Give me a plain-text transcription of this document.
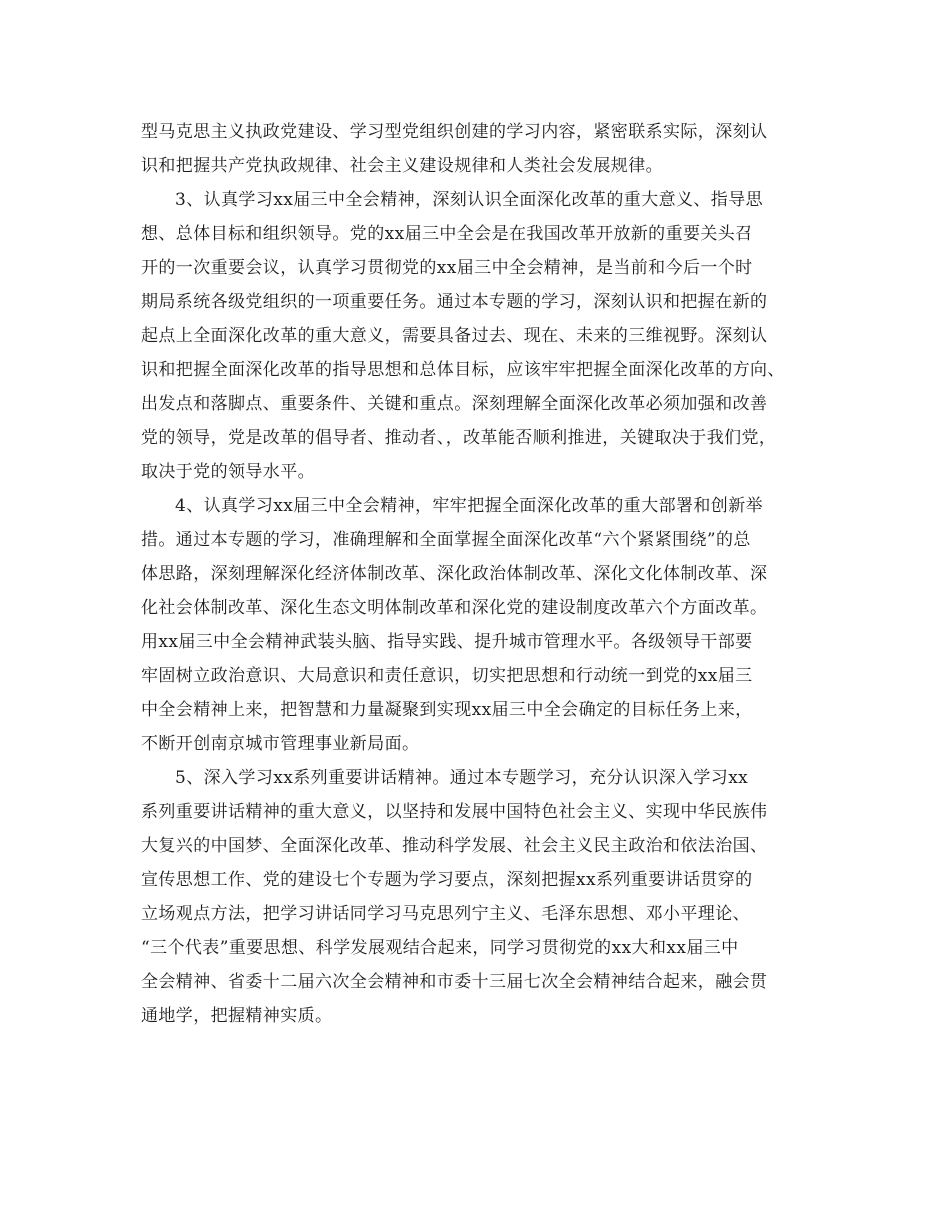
型马克思主义执政党建设、学习型党组织创建的学习内容，紧密联系实际，深刻认
识和把握共产党执政规律、社会主义建设规律和人类社会发展规律。
3、认真学习xx届三中全会精神，深刻认识全面深化改革的重大意义、指导思
想、总体目标和组织领导。党的xx届三中全会是在我国改革开放新的重要关头召
开的一次重要会议，认真学习贯彻党的xx届三中全会精神，是当前和今后一个时
期局系统各级党组织的一项重要任务。通过本专题的学习，深刻认识和把握在新的
起点上全面深化改革的重大意义，需要具备过去、现在、未来的三维视野。深刻认
识和把握全面深化改革的指导思想和总体目标，应该牢牢把握全面深化改革的方向、
出发点和落脚点、重要条件、关键和重点。深刻理解全面深化改革必须加强和改善
党的领导，党是改革的倡导者、推动者、，改革能否顺利推进，关键取决于我们党，
取决于党的领导水平。
4、认真学习xx届三中全会精神，牢牢把握全面深化改革的重大部署和创新举
措。通过本专题的学习，准确理解和全面掌握全面深化改革“六个紧紧围绕”的总
体思路，深刻理解深化经济体制改革、深化政治体制改革、深化文化体制改革、深
化社会体制改革、深化生态文明体制改革和深化党的建设制度改革六个方面改革。
用xx届三中全会精神武装头脑、指导实践、提升城市管理水平。各级领导干部要
牢固树立政治意识、大局意识和责任意识，切实把思想和行动统一到党的xx届三
中全会精神上来，把智慧和力量凝聚到实现xx届三中全会确定的目标任务上来，
不断开创南京城市管理事业新局面。
5、深入学习xx系列重要讲话精神。通过本专题学习，充分认识深入学习xx
系列重要讲话精神的重大意义，以坚持和发展中国特色社会主义、实现中华民族伟
大复兴的中国梦、全面深化改革、推动科学发展、社会主义民主政治和依法治国、
宣传思想工作、党的建设七个专题为学习要点，深刻把握xx系列重要讲话贯穿的
立场观点方法，把学习讲话同学习马克思列宁主义、毛泽东思想、邓小平理论、
“三个代表”重要思想、科学发展观结合起来，同学习贯彻党的xx大和xx届三中
全会精神、省委十二届六次全会精神和市委十三届七次全会精神结合起来，融会贯
通地学，把握精神实质。
